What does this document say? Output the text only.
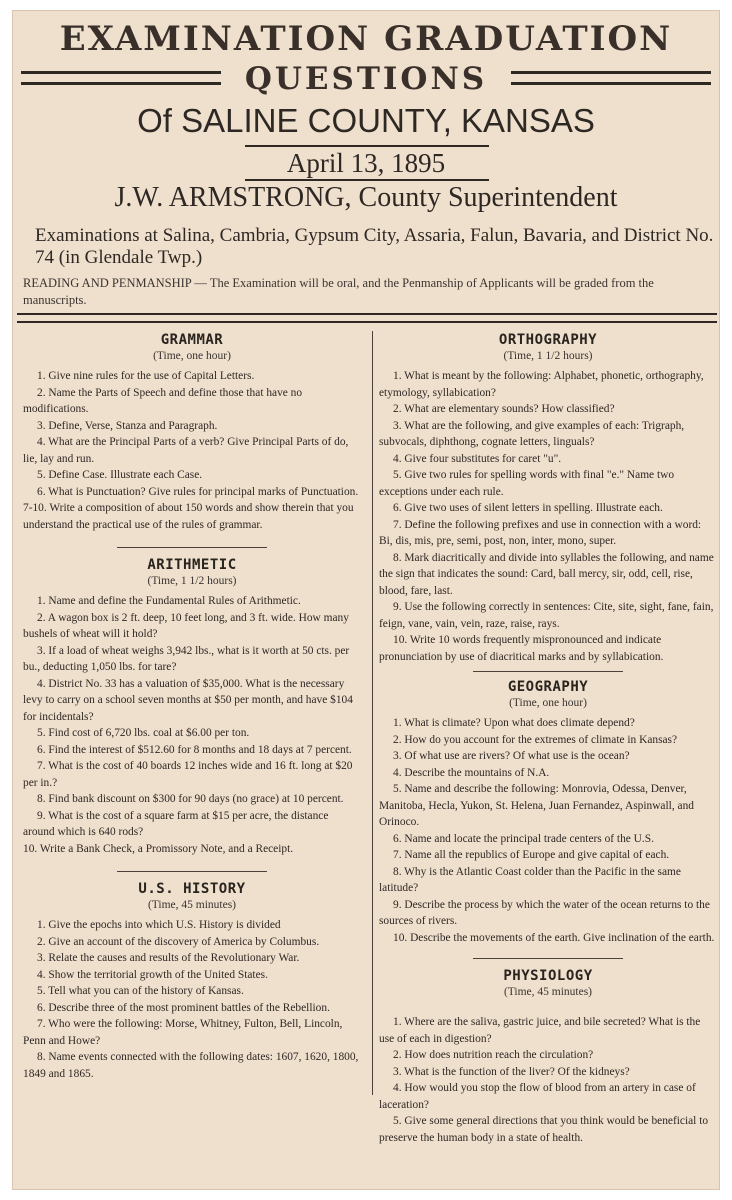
EXAMINATION GRADUATION
QUESTIONS
Of SALINE COUNTY, KANSAS
April 13, 1895
J.W. ARMSTRONG, County Superintendent
Examinations at Salina, Cambria, Gypsum City, Assaria, Falun, Bavaria, and District No. 74 (in Glendale Twp.)
READING AND PENMANSHIP — The Examination will be oral, and the Penmanship of Applicants will be graded from the manuscripts.
GRAMMAR
(Time, one hour)
1. Give nine rules for the use of Capital Letters.
2. Name the Parts of Speech and define those that have no modifications.
3. Define, Verse, Stanza and Paragraph.
4. What are the Principal Parts of a verb? Give Principal Parts of do, lie, lay and run.
5. Define Case. Illustrate each Case.
6. What is Punctuation? Give rules for principal marks of Punctuation.
7-10. Write a composition of about 150 words and show therein that you understand the practical use of the rules of grammar.
ARITHMETIC
(Time, 1 1/2 hours)
1. Name and define the Fundamental Rules of Arithmetic.
2. A wagon box is 2 ft. deep, 10 feet long, and 3 ft. wide. How many bushels of wheat will it hold?
3. If a load of wheat weighs 3,942 lbs., what is it worth at 50 cts. per bu., deducting 1,050 lbs. for tare?
4. District No. 33 has a valuation of $35,000. What is the necessary levy to carry on a school seven months at $50 per month, and have $104 for incidentals?
5. Find cost of 6,720 lbs. coal at $6.00 per ton.
6. Find the interest of $512.60 for 8 months and 18 days at 7 percent.
7. What is the cost of 40 boards 12 inches wide and 16 ft. long at $20 per in.?
8. Find bank discount on $300 for 90 days (no grace) at 10 percent.
9. What is the cost of a square farm at $15 per acre, the distance around which is 640 rods?
10. Write a Bank Check, a Promissory Note, and a Receipt.
U.S. HISTORY
(Time, 45 minutes)
1. Give the epochs into which U.S. History is divided
2. Give an account of the discovery of America by Columbus.
3. Relate the causes and results of the Revolutionary War.
4. Show the territorial growth of the United States.
5. Tell what you can of the history of Kansas.
6. Describe three of the most prominent battles of the Rebellion.
7. Who were the following: Morse, Whitney, Fulton, Bell, Lincoln, Penn and Howe?
8. Name events connected with the following dates: 1607, 1620, 1800, 1849 and 1865.
ORTHOGRAPHY
(Time, 1 1/2 hours)
1. What is meant by the following: Alphabet, phonetic, orthography, etymology, syllabication?
2. What are elementary sounds? How classified?
3. What are the following, and give examples of each: Trigraph, subvocals, diphthong, cognate letters, linguals?
4. Give four substitutes for caret "u".
5. Give two rules for spelling words with final "e." Name two exceptions under each rule.
6. Give two uses of silent letters in spelling. Illustrate each.
7. Define the following prefixes and use in connection with a word: Bi, dis, mis, pre, semi, post, non, inter, mono, super.
8. Mark diacritically and divide into syllables the following, and name the sign that indicates the sound: Card, ball mercy, sir, odd, cell, rise, blood, fare, last.
9. Use the following correctly in sentences: Cite, site, sight, fane, fain, feign, vane, vain, vein, raze, raise, rays.
10. Write 10 words frequently mispronounced and indicate pronunciation by use of diacritical marks and by syllabication.
GEOGRAPHY
(Time, one hour)
1. What is climate? Upon what does climate depend?
2. How do you account for the extremes of climate in Kansas?
3. Of what use are rivers? Of what use is the ocean?
4. Describe the mountains of N.A.
5. Name and describe the following: Monrovia, Odessa, Denver, Manitoba, Hecla, Yukon, St. Helena, Juan Fernandez, Aspinwall, and Orinoco.
6. Name and locate the principal trade centers of the U.S.
7. Name all the republics of Europe and give capital of each.
8. Why is the Atlantic Coast colder than the Pacific in the same latitude?
9. Describe the process by which the water of the ocean returns to the sources of rivers.
10. Describe the movements of the earth. Give inclination of the earth.
PHYSIOLOGY
(Time, 45 minutes)
1. Where are the saliva, gastric juice, and bile secreted? What is the use of each in digestion?
2. How does nutrition reach the circulation?
3. What is the function of the liver? Of the kidneys?
4. How would you stop the flow of blood from an artery in case of laceration?
5. Give some general directions that you think would be beneficial to preserve the human body in a state of health.
